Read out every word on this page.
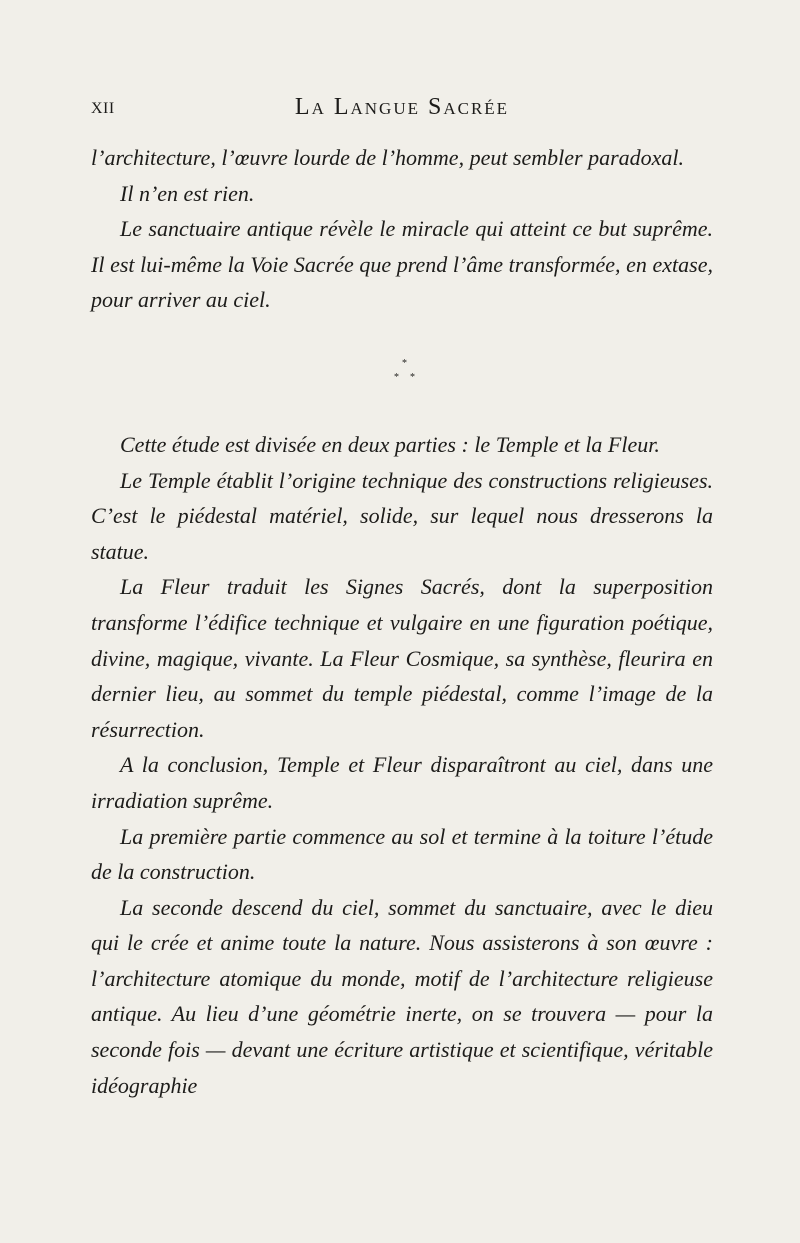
XII	La Langue Sacrée

l’architecture, l’œuvre lourde de l’homme, peut sembler paradoxal.

Il n’en est rien.

Le sanctuaire antique révèle le miracle qui atteint ce but suprême. Il est lui-même la Voie Sacrée que prend l’âme transformée, en extase, pour arriver au ciel.

*
* *

Cette étude est divisée en deux parties : le Temple et la Fleur.

Le Temple établit l’origine technique des constructions religieuses. C’est le piédestal matériel, solide, sur lequel nous dresserons la statue.

La Fleur traduit les Signes Sacrés, dont la superposition transforme l’édifice technique et vulgaire en une figuration poétique, divine, magique, vivante. La Fleur Cosmique, sa synthèse, fleurira en dernier lieu, au sommet du temple piédestal, comme l’image de la résurrection.

A la conclusion, Temple et Fleur disparaîtront au ciel, dans une irradiation suprême.

La première partie commence au sol et termine à la toiture l’étude de la construction.

La seconde descend du ciel, sommet du sanctuaire, avec le dieu qui le crée et anime toute la nature. Nous assisterons à son œuvre : l’architecture atomique du monde, motif de l’architecture religieuse antique. Au lieu d’une géométrie inerte, on se trouvera — pour la seconde fois — devant une écriture artistique et scientifique, véritable idéographie
